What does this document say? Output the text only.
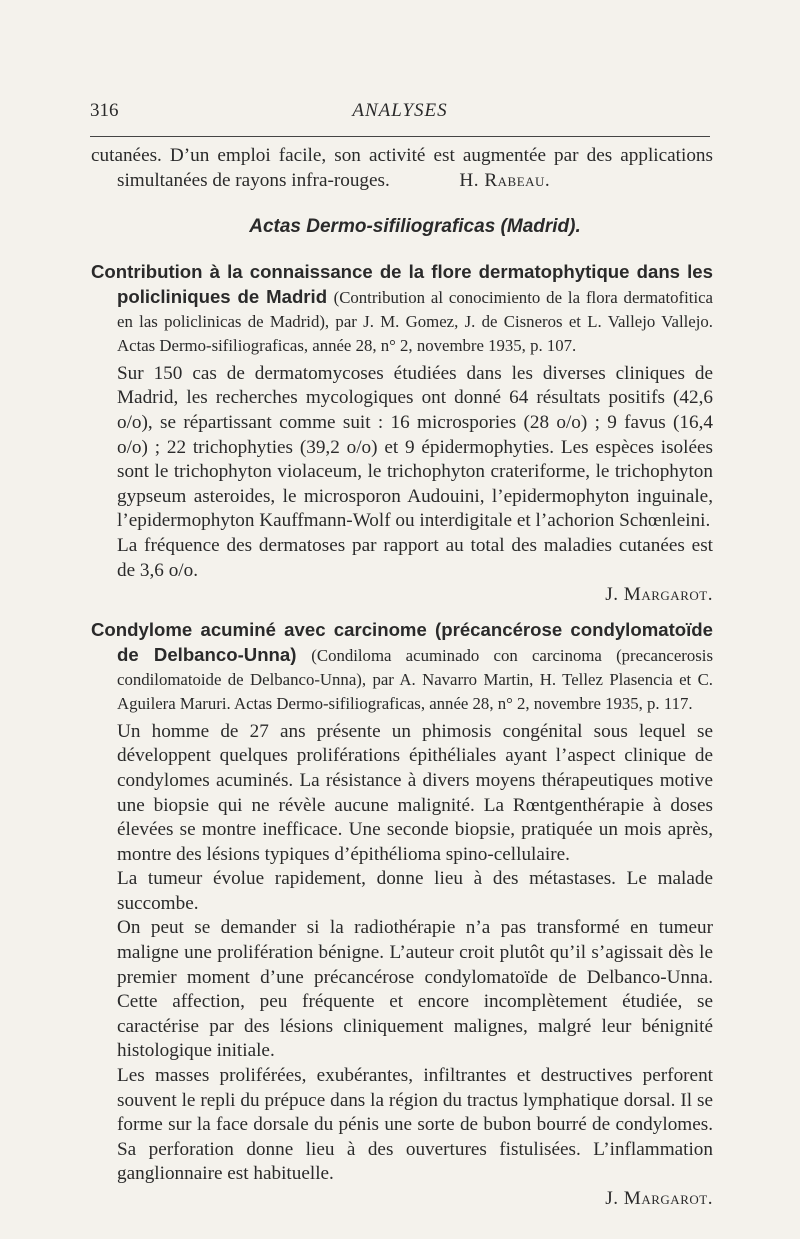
316	ANALYSES

cutanées. D’un emploi facile, son activité est augmentée par des applications simultanées de rayons infra-rouges.	H. Rabeau.

Actas Dermo-sifiliograficas (Madrid).

Contribution à la connaissance de la flore dermatophytique dans les policliniques de Madrid (Contribution al conocimiento de la flora dermatofitica en las policlinicas de Madrid), par J. M. Gomez, J. de Cisneros et L. Vallejo Vallejo. Actas Dermo-sifiliograficas, année 28, n° 2, novembre 1935, p. 107.

Sur 150 cas de dermatomycoses étudiées dans les diverses cliniques de Madrid, les recherches mycologiques ont donné 64 résultats positifs (42,6 o/o), se répartissant comme suit : 16 microspories (28 o/o) ; 9 favus (16,4 o/o) ; 22 trichophyties (39,2 o/o) et 9 épidermophyties. Les espèces isolées sont le trichophyton violaceum, le trichophyton crateriforme, le trichophyton gypseum asteroides, le microsporon Audouini, l’epidermophyton inguinale, l’epidermophyton Kauffmann-Wolf ou interdigitale et l’achorion Schœnleini.

La fréquence des dermatoses par rapport au total des maladies cutanées est de 3,6 o/o.

J. Margarot.

Condylome acuminé avec carcinome (précancérose condylomatoïde de Delbanco-Unna) (Condiloma acuminado con carcinoma (precancerosis condilomatoide de Delbanco-Unna), par A. Navarro Martin, H. Tellez Plasencia et C. Aguilera Maruri. Actas Dermo-sifiliograficas, année 28, n° 2, novembre 1935, p. 117.

Un homme de 27 ans présente un phimosis congénital sous lequel se développent quelques proliférations épithéliales ayant l’aspect clinique de condylomes acuminés. La résistance à divers moyens thérapeutiques motive une biopsie qui ne révèle aucune malignité. La Rœntgenthérapie à doses élevées se montre inefficace. Une seconde biopsie, pratiquée un mois après, montre des lésions typiques d’épithélioma spino-cellulaire.

La tumeur évolue rapidement, donne lieu à des métastases. Le malade succombe.

On peut se demander si la radiothérapie n’a pas transformé en tumeur maligne une prolifération bénigne. L’auteur croit plutôt qu’il s’agissait dès le premier moment d’une précancérose condylomatoïde de Delbanco-Unna. Cette affection, peu fréquente et encore incomplètement étudiée, se caractérise par des lésions cliniquement malignes, malgré leur bénignité histologique initiale.

Les masses proliférées, exubérantes, infiltrantes et destructives perforent souvent le repli du prépuce dans la région du tractus lymphatique dorsal. Il se forme sur la face dorsale du pénis une sorte de bubon bourré de condylomes. Sa perforation donne lieu à des ouvertures fistulisées. L’inflammation ganglionnaire est habituelle.

J. Margarot.
